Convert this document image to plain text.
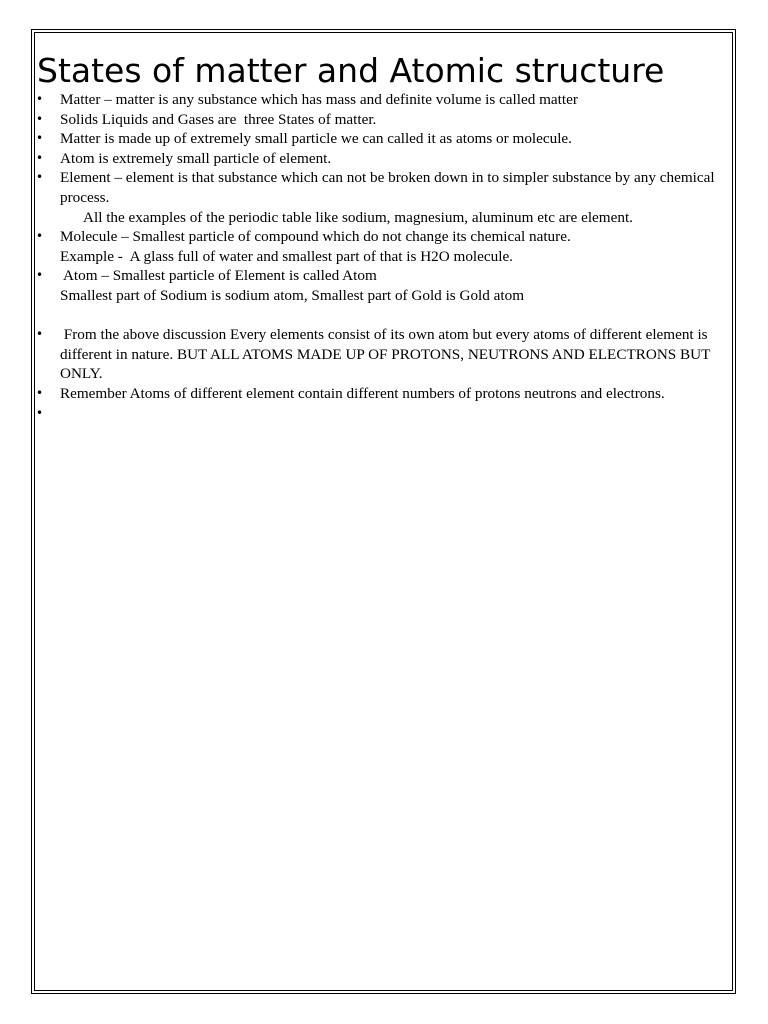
States of matter and Atomic structure
• Matter – matter is any substance which has mass and definite volume is called matter
• Solids Liquids and Gases are  three States of matter.
• Matter is made up of extremely small particle we can called it as atoms or molecule.
• Atom is extremely small particle of element.
• Element – element is that substance which can not be broken down in to simpler substance by any chemical process.
All the examples of the periodic table like sodium, magnesium, aluminum etc are element.
• Molecule – Smallest particle of compound which do not change its chemical nature.
Example -  A glass full of water and smallest part of that is H2O molecule.
• Atom – Smallest particle of Element is called Atom
Smallest part of Sodium is sodium atom, Smallest part of Gold is Gold atom
• From the above discussion Every elements consist of its own atom but every atoms of different element is different in nature. BUT ALL ATOMS MADE UP OF PROTONS, NEUTRONS AND ELECTRONS BUT ONLY.
• Remember Atoms of different element contain different numbers of protons neutrons and electrons.
•
